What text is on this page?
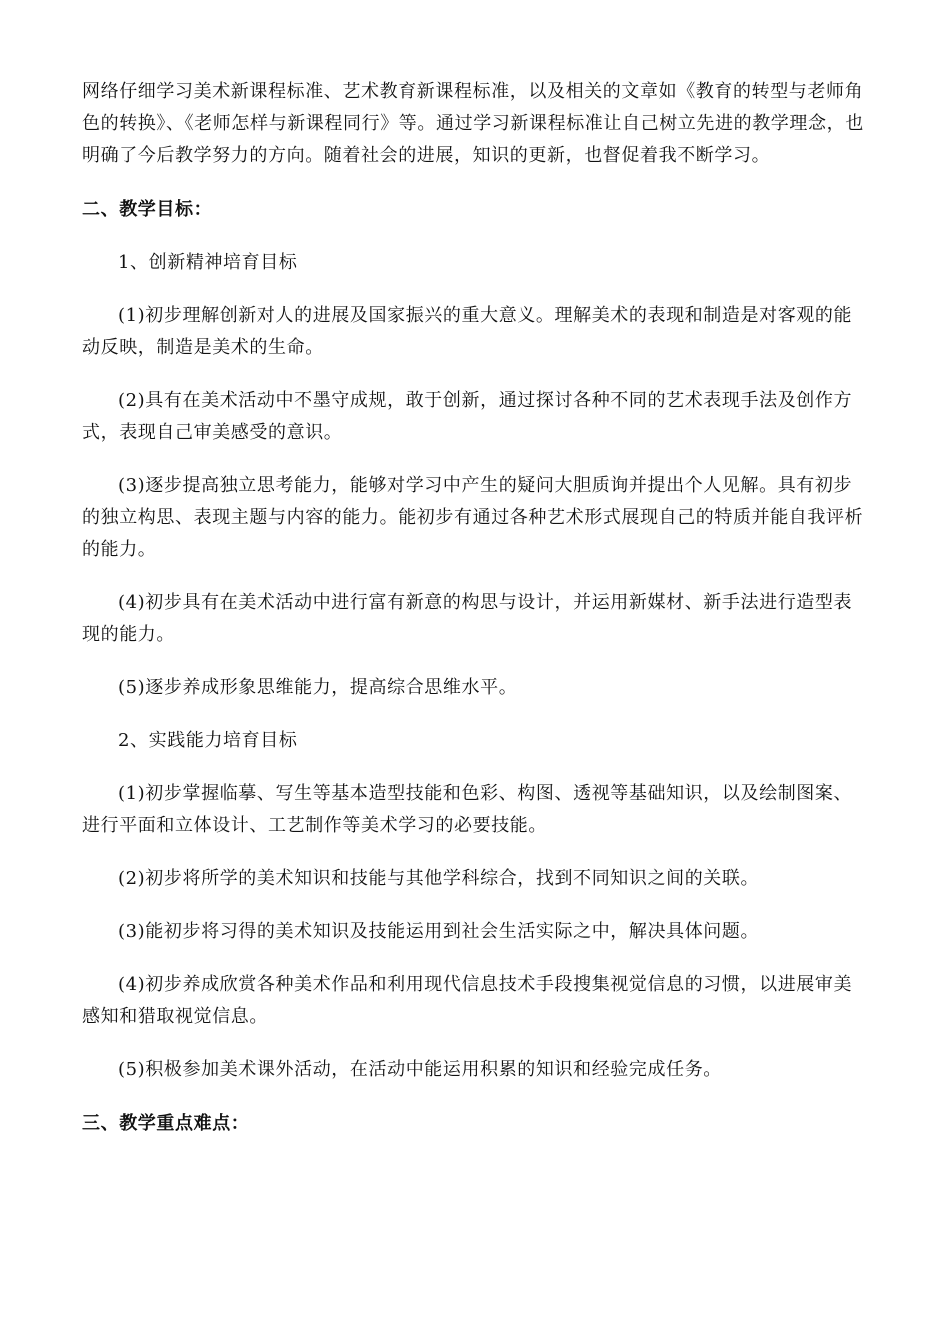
网络仔细学习美术新课程标准、艺术教育新课程标准，以及相关的文章如《教育的转型与老师角色的转换》、《老师怎样与新课程同行》等。通过学习新课程标准让自己树立先进的教学理念，也明确了今后教学努力的方向。随着社会的进展，知识的更新，也督促着我不断学习。

二、教学目标：

1、创新精神培育目标

(1)初步理解创新对人的进展及国家振兴的重大意义。理解美术的表现和制造是对客观的能动反映，制造是美术的生命。

(2)具有在美术活动中不墨守成规，敢于创新，通过探讨各种不同的艺术表现手法及创作方式，表现自己审美感受的意识。

(3)逐步提高独立思考能力，能够对学习中产生的疑问大胆质询并提出个人见解。具有初步的独立构思、表现主题与内容的能力。能初步有通过各种艺术形式展现自己的特质并能自我评析的能力。

(4)初步具有在美术活动中进行富有新意的构思与设计，并运用新媒材、新手法进行造型表现的能力。

(5)逐步养成形象思维能力，提高综合思维水平。

2、实践能力培育目标

(1)初步掌握临摹、写生等基本造型技能和色彩、构图、透视等基础知识，以及绘制图案、进行平面和立体设计、工艺制作等美术学习的必要技能。

(2)初步将所学的美术知识和技能与其他学科综合，找到不同知识之间的关联。

(3)能初步将习得的美术知识及技能运用到社会生活实际之中，解决具体问题。

(4)初步养成欣赏各种美术作品和利用现代信息技术手段搜集视觉信息的习惯，以进展审美感知和猎取视觉信息。

(5)积极参加美术课外活动，在活动中能运用积累的知识和经验完成任务。

三、教学重点难点：
